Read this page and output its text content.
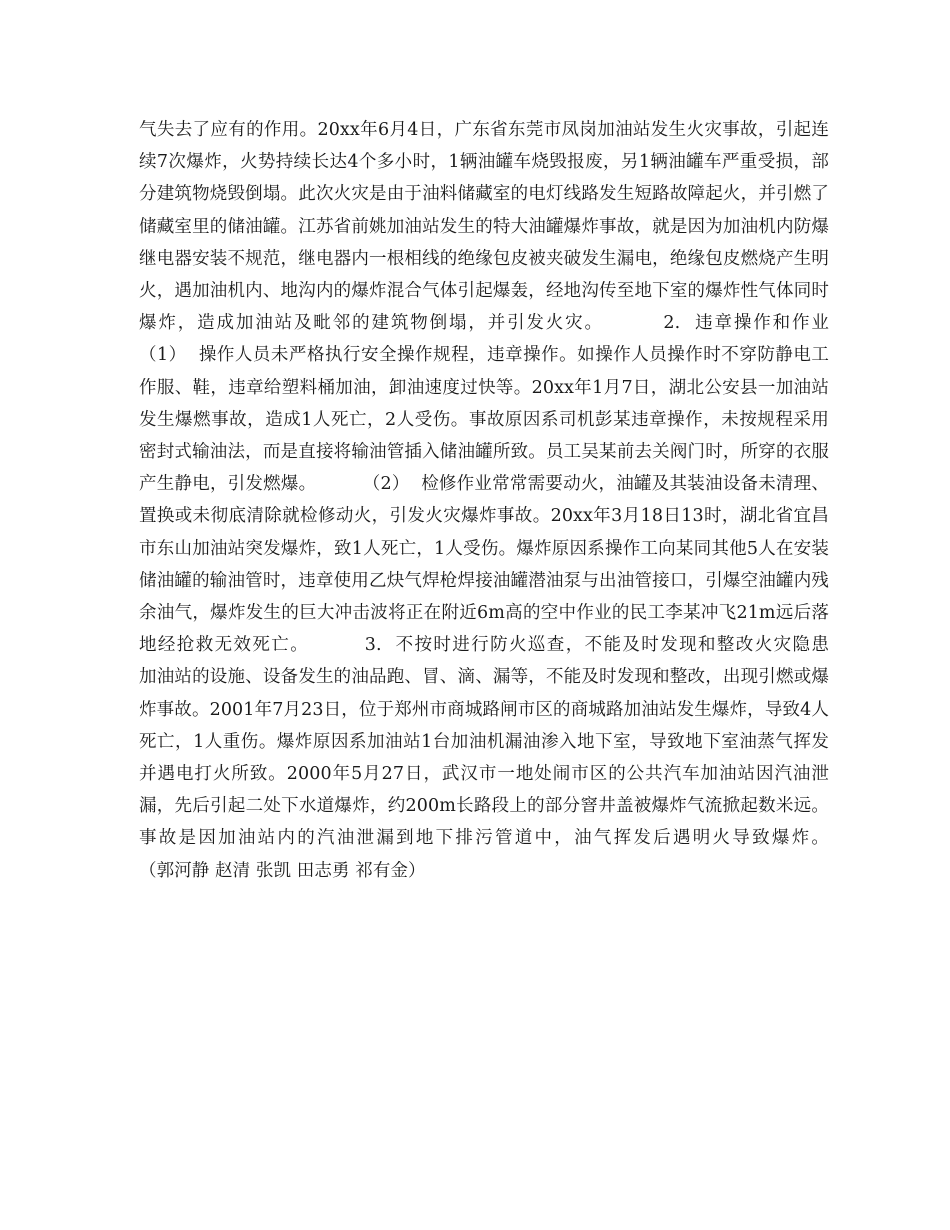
气失去了应有的作用。20xx年6月4日，广东省东莞市凤岗加油站发生火灾事故，引起连续7次爆炸，火势持续长达4个多小时，1辆油罐车烧毁报废，另1辆油罐车严重受损，部分建筑物烧毁倒塌。此次火灾是由于油料储藏室的电灯线路发生短路故障起火，并引燃了储藏室里的储油罐。江苏省前姚加油站发生的特大油罐爆炸事故，就是因为加油机内防爆继电器安装不规范，继电器内一根相线的绝缘包皮被夹破发生漏电，绝缘包皮燃烧产生明火，遇加油机内、地沟内的爆炸混合气体引起爆轰，经地沟传至地下室的爆炸性气体同时爆炸，造成加油站及毗邻的建筑物倒塌，并引发火灾。        2.  违章操作和作业        （1）  操作人员未严格执行安全操作规程，违章操作。如操作人员操作时不穿防静电工作服、鞋，违章给塑料桶加油，卸油速度过快等。20xx年1月7日，湖北公安县一加油站发生爆燃事故，造成1人死亡，2人受伤。事故原因系司机彭某违章操作，未按规程采用密封式输油法，而是直接将输油管插入储油罐所致。员工吴某前去关阀门时，所穿的衣服产生静电，引发燃爆。        （2）  检修作业常常需要动火，油罐及其装油设备未清理、置换或未彻底清除就检修动火，引发火灾爆炸事故。20xx年3月18日13时，湖北省宜昌市东山加油站突发爆炸，致1人死亡，1人受伤。爆炸原因系操作工向某同其他5人在安装储油罐的输油管时，违章使用乙炔气焊枪焊接油罐潜油泵与出油管接口，引爆空油罐内残余油气，爆炸发生的巨大冲击波将正在附近6m高的空中作业的民工李某冲飞21m远后落地经抢救无效死亡。        3.  不按时进行防火巡查，不能及时发现和整改火灾隐患        加油站的设施、设备发生的油品跑、冒、滴、漏等，不能及时发现和整改，出现引燃或爆炸事故。2001年7月23日，位于郑州市商城路闸市区的商城路加油站发生爆炸，导致4人死亡，1人重伤。爆炸原因系加油站1台加油机漏油渗入地下室，导致地下室油蒸气挥发并遇电打火所致。2000年5月27日，武汉市一地处闹市区的公共汽车加油站因汽油泄漏，先后引起二处下水道爆炸，约200m长路段上的部分窨井盖被爆炸气流掀起数米远。事故是因加油站内的汽油泄漏到地下排污管道中，油气挥发后遇明火导致爆炸。        （郭河静 赵清 张凯 田志勇 祁有金）
